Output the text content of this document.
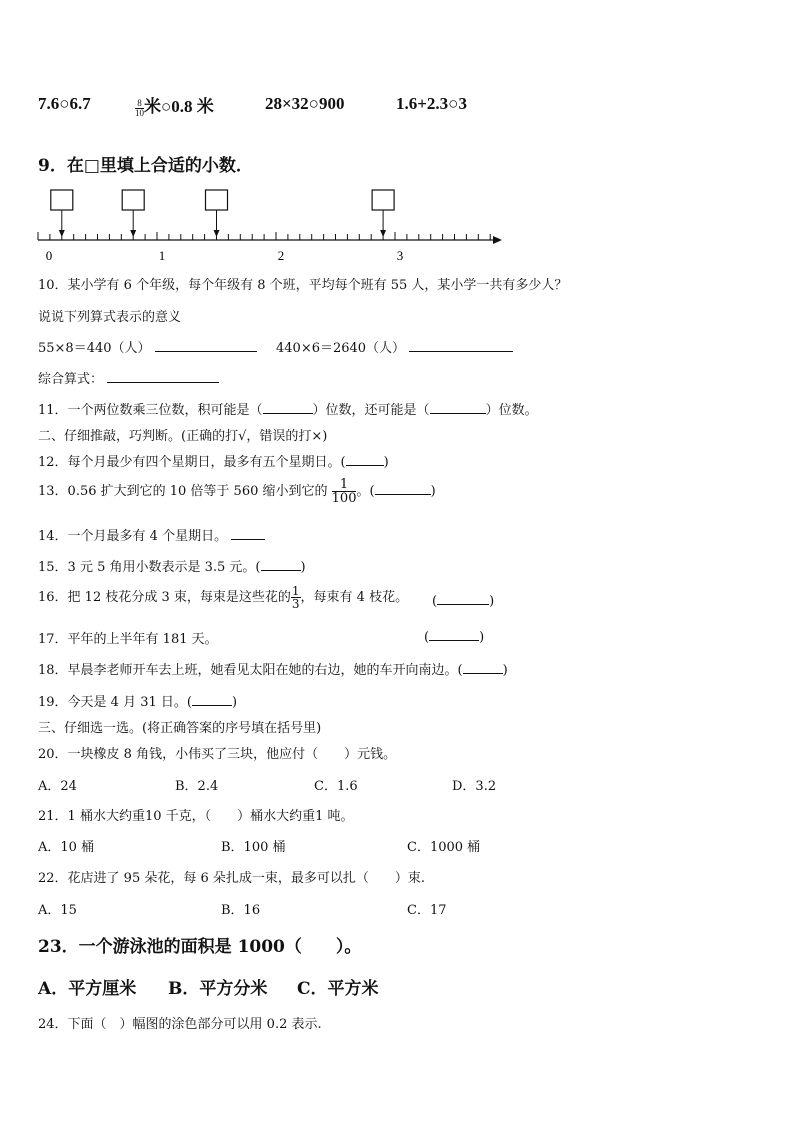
7.6○6.7	$\frac{8}{10}$ 米○0.8 米	28×32○900	1.6+2.3○3
9．在□里填上合适的小数．
0	1	2	3
10．某小学有 6 个年级，每个年级有 8 个班，平均每个班有 55 人，某小学一共有多少人？
说说下列算式表示的意义
55×8＝440（人）	440×6＝2640（人）
综合算式：
11．一个两位数乘三位数，积可能是（	）位数，还可能是（	）位数。
二、仔细推敲，巧判断。(正确的打√，错误的打×)
12．每个月最少有四个星期日，最多有五个星期日。(	)
13．0.56 扩大到它的 10 倍等于 560 缩小到它的 $\frac{1}{100}$ 。(	)
14．一个月最多有 4 个星期日。
15．3 元 5 角用小数表示是 3.5 元。(	)
16．把 12 枝花分成 3 束，每束是这些花的 $\frac{1}{3}$ ，每束有 4 枝花。 (	)
17．平年的上半年有 181 天。	(	)
18．早晨李老师开车去上班，她看见太阳在她的右边，她的车开向南边。(	)
19．今天是 4 月 31 日。(	)
三、仔细选一选。(将正确答案的序号填在括号里)
20．一块橡皮 8 角钱，小伟买了三块，他应付（　　）元钱。
A．24	B．2.4	C．1.6	D．3.2
21．1 桶水大约重10 千克，（　　）桶水大约重1 吨。
A．10 桶	B．100 桶	C．1000 桶
22．花店进了 95 朵花，每 6 朵扎成一束，最多可以扎（　　）束.
A．15	B．16	C．17
23．一个游泳池的面积是 1000（　　）。
A．平方厘米 B．平方分米 C．平方米
24．下面（　）幅图的涂色部分可以用 0.2 表示.
